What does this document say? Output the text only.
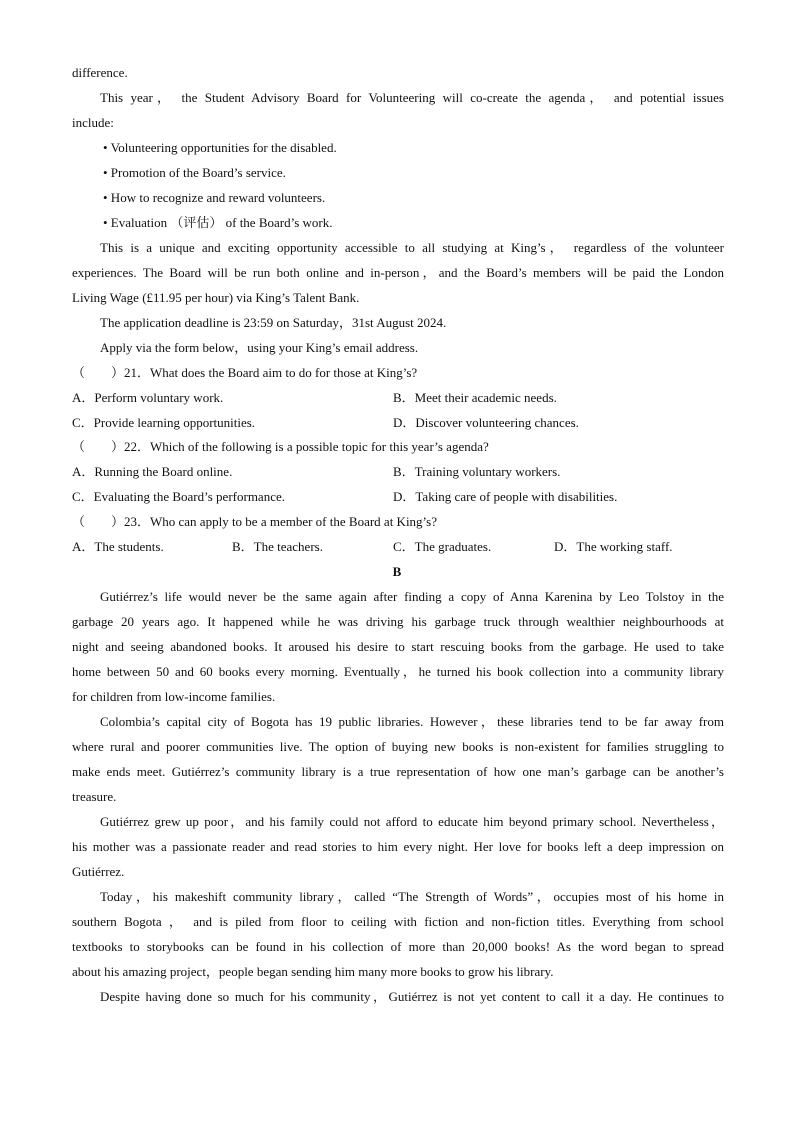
difference.
This year， the Student Advisory Board for Volunteering will co-create the agenda， and potential issues
include:
• Volunteering opportunities for the disabled.
• Promotion of the Board’s service.
• How to recognize and reward volunteers.
• Evaluation （评估） of the Board’s work.
This is a unique and exciting opportunity accessible to all studying at King’s， regardless of the volunteer
experiences. The Board will be run both online and in-person，and the Board’s members will be paid the London
Living Wage (£11.95 per hour) via King’s Talent Bank.
The application deadline is 23:59 on Saturday，31st August 2024.
Apply via the form below，using your King’s email address.
（　　）21．What does the Board aim to do for those at King’s?
A．Perform voluntary work.	B．Meet their academic needs.
C．Provide learning opportunities.	D．Discover volunteering chances.
（　　）22．Which of the following is a possible topic for this year’s agenda?
A．Running the Board online.	B．Training voluntary workers.
C．Evaluating the Board’s performance.	D．Taking care of people with disabilities.
（　　）23．Who can apply to be a member of the Board at King’s?
A．The students.	B．The teachers.	C．The graduates.	D．The working staff.
B
Gutiérrez’s life would never be the same again after finding a copy of Anna Karenina by Leo Tolstoy in the
garbage 20 years ago. It happened while he was driving his garbage truck through wealthier neighbourhoods at
night and seeing abandoned books. It aroused his desire to start rescuing books from the garbage. He used to take
home between 50 and 60 books every morning. Eventually，he turned his book collection into a community library
for children from low-income families.
Colombia’s capital city of Bogota has 19 public libraries. However，these libraries tend to be far away from
where rural and poorer communities live. The option of buying new books is non-existent for families struggling to
make ends meet. Gutiérrez’s community library is a true representation of how one man’s garbage can be another’s
treasure.
Gutiérrez grew up poor，and his family could not afford to educate him beyond primary school. Nevertheless，
his mother was a passionate reader and read stories to him every night. Her love for books left a deep impression on
Gutiérrez.
Today，his makeshift community library，called “The Strength of Words”，occupies most of his home in
southern Bogota ， and is piled from floor to ceiling with fiction and non-fiction titles. Everything from school
textbooks to storybooks can be found in his collection of more than 20,000 books! As the word began to spread
about his amazing project，people began sending him many more books to grow his library.
Despite having done so much for his community，Gutiérrez is not yet content to call it a day. He continues to
